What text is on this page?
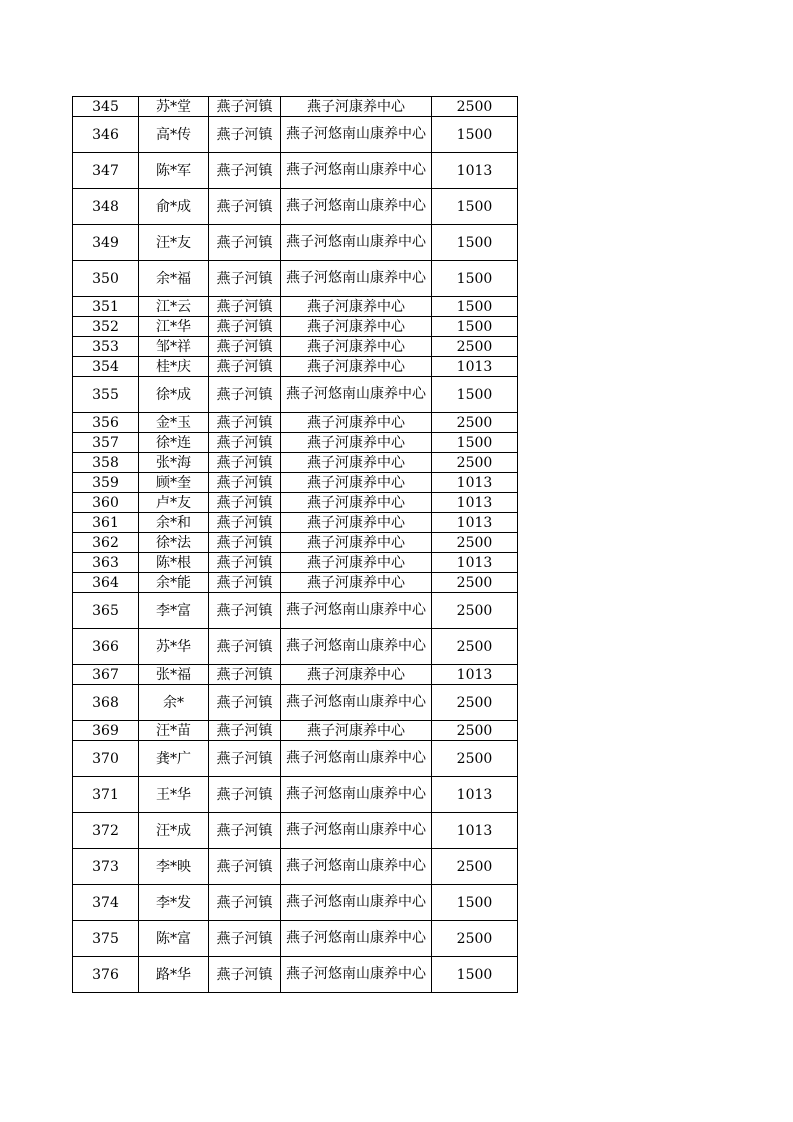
345	苏*堂	燕子河镇	燕子河康养中心	2500
346	高*传	燕子河镇	燕子河悠南山康养中心	1500
347	陈*军	燕子河镇	燕子河悠南山康养中心	1013
348	俞*成	燕子河镇	燕子河悠南山康养中心	1500
349	汪*友	燕子河镇	燕子河悠南山康养中心	1500
350	余*福	燕子河镇	燕子河悠南山康养中心	1500
351	江*云	燕子河镇	燕子河康养中心	1500
352	江*华	燕子河镇	燕子河康养中心	1500
353	邹*祥	燕子河镇	燕子河康养中心	2500
354	桂*庆	燕子河镇	燕子河康养中心	1013
355	徐*成	燕子河镇	燕子河悠南山康养中心	1500
356	金*玉	燕子河镇	燕子河康养中心	2500
357	徐*连	燕子河镇	燕子河康养中心	1500
358	张*海	燕子河镇	燕子河康养中心	2500
359	顾*奎	燕子河镇	燕子河康养中心	1013
360	卢*友	燕子河镇	燕子河康养中心	1013
361	余*和	燕子河镇	燕子河康养中心	1013
362	徐*法	燕子河镇	燕子河康养中心	2500
363	陈*根	燕子河镇	燕子河康养中心	1013
364	余*能	燕子河镇	燕子河康养中心	2500
365	李*富	燕子河镇	燕子河悠南山康养中心	2500
366	苏*华	燕子河镇	燕子河悠南山康养中心	2500
367	张*福	燕子河镇	燕子河康养中心	1013
368	余*	燕子河镇	燕子河悠南山康养中心	2500
369	汪*苗	燕子河镇	燕子河康养中心	2500
370	龚*广	燕子河镇	燕子河悠南山康养中心	2500
371	王*华	燕子河镇	燕子河悠南山康养中心	1013
372	汪*成	燕子河镇	燕子河悠南山康养中心	1013
373	李*映	燕子河镇	燕子河悠南山康养中心	2500
374	李*发	燕子河镇	燕子河悠南山康养中心	1500
375	陈*富	燕子河镇	燕子河悠南山康养中心	2500
376	路*华	燕子河镇	燕子河悠南山康养中心	1500
